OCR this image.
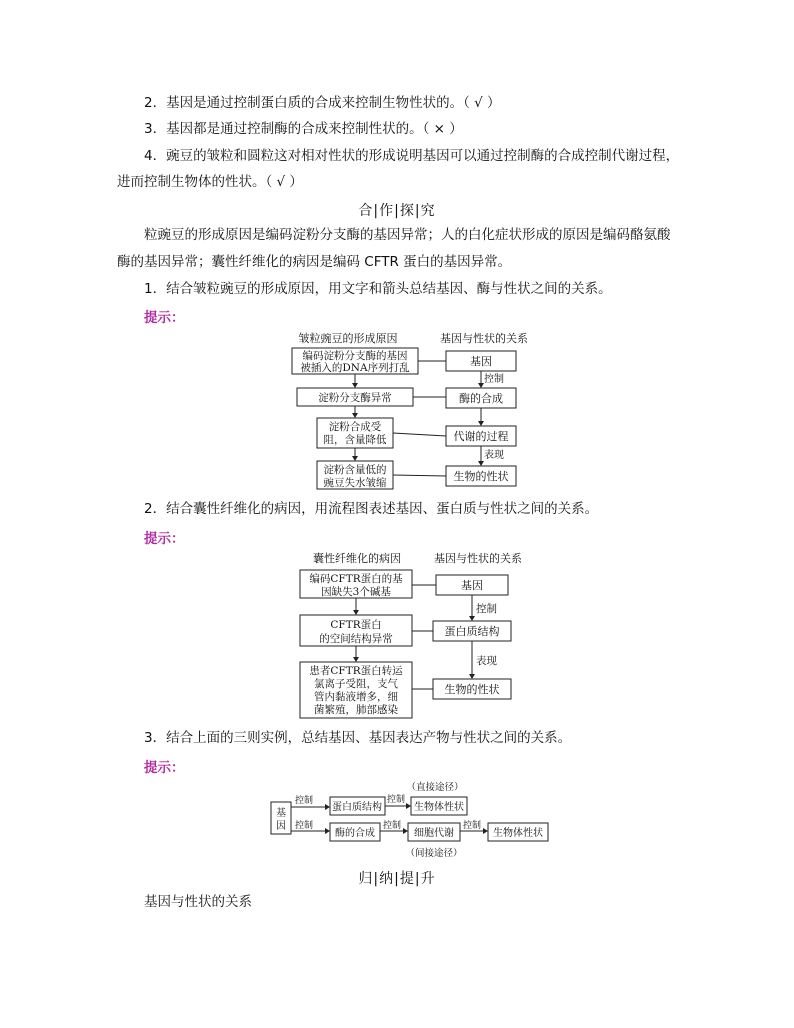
2．基因是通过控制蛋白质的合成来控制生物性状的。（ √ ）
3．基因都是通过控制酶的合成来控制性状的。（ × ）
4．豌豆的皱粒和圆粒这对相对性状的形成说明基因可以通过控制酶的合成控制代谢过程，
进而控制生物体的性状。（ √ ）
合|作|探|究
粒豌豆的形成原因是编码淀粉分支酶的基因异常；人的白化症状形成的原因是编码酪氨酸
酶的基因异常；囊性纤维化的病因是编码 CFTR 蛋白的基因异常。
1．结合皱粒豌豆的形成原因，用文字和箭头总结基因、酶与性状之间的关系。
提示：
皱粒豌豆的形成原因	基因与性状的关系
编码淀粉分支酶的基因
被插入的DNA序列打乱
淀粉分支酶异常
淀粉合成受
阻，含量降低
淀粉含量低的
豌豆失水皱缩
基因
酶的合成
代谢的过程
生物的性状
控制
表现
2．结合囊性纤维化的病因，用流程图表述基因、蛋白质与性状之间的关系。
提示：
囊性纤维化的病因	基因与性状的关系
编码CFTR蛋白的基
因缺失3个碱基
CFTR蛋白
的空间结构异常
患者CFTR蛋白转运
氯离子受阻，支气
管内黏液增多，细
菌繁殖，肺部感染
基因
蛋白质结构
生物的性状
控制
表现
3．结合上面的三则实例，总结基因、基因表达产物与性状之间的关系。
提示：
基
因
（直接途径）
控制
蛋白质结构
控制
生物体性状
控制
酶的合成
控制
细胞代谢
控制
生物体性状
（间接途径）
归|纳|提|升
基因与性状的关系
